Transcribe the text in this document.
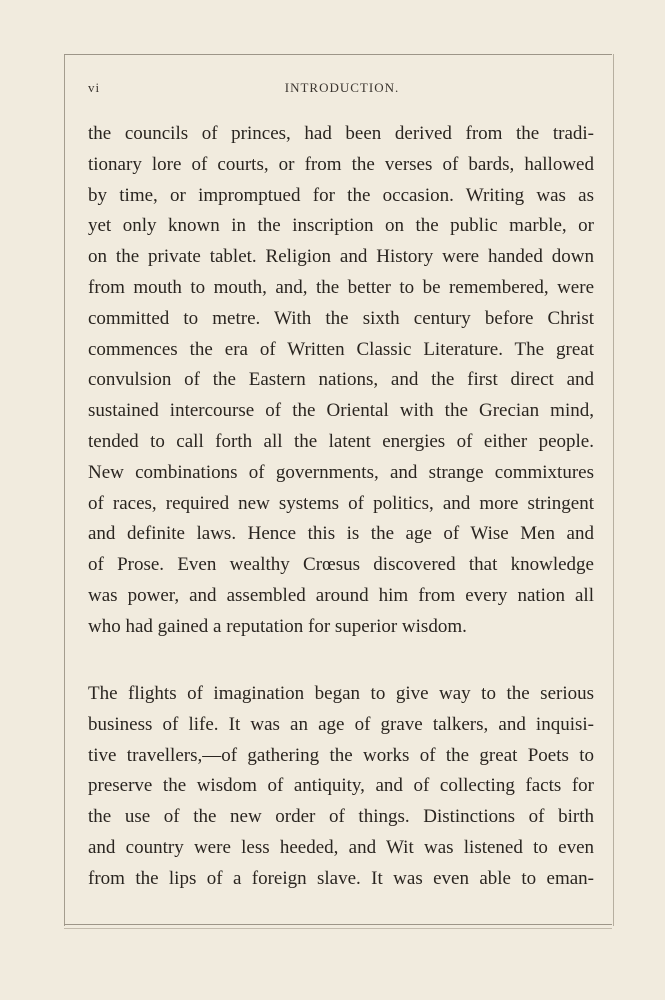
vi	INTRODUCTION.
the councils of princes, had been derived from the tradi-
tionary lore of courts, or from the verses of bards, hallowed
by time, or impromptued for the occasion. Writing was as
yet only known in the inscription on the public marble, or
on the private tablet. Religion and History were handed down
from mouth to mouth, and, the better to be remembered, were
committed to metre. With the sixth century before Christ
commences the era of Written Classic Literature. The great
convulsion of the Eastern nations, and the first direct and
sustained intercourse of the Oriental with the Grecian mind,
tended to call forth all the latent energies of either people.
New combinations of governments, and strange commixtures
of races, required new systems of politics, and more stringent
and definite laws. Hence this is the age of Wise Men and
of Prose. Even wealthy Crœsus discovered that knowledge
was power, and assembled around him from every nation all
who had gained a reputation for superior wisdom.
The flights of imagination began to give way to the serious
business of life. It was an age of grave talkers, and inquisi-
tive travellers,—of gathering the works of the great Poets to
preserve the wisdom of antiquity, and of collecting facts for
the use of the new order of things. Distinctions of birth
and country were less heeded, and Wit was listened to even
from the lips of a foreign slave. It was even able to eman-
